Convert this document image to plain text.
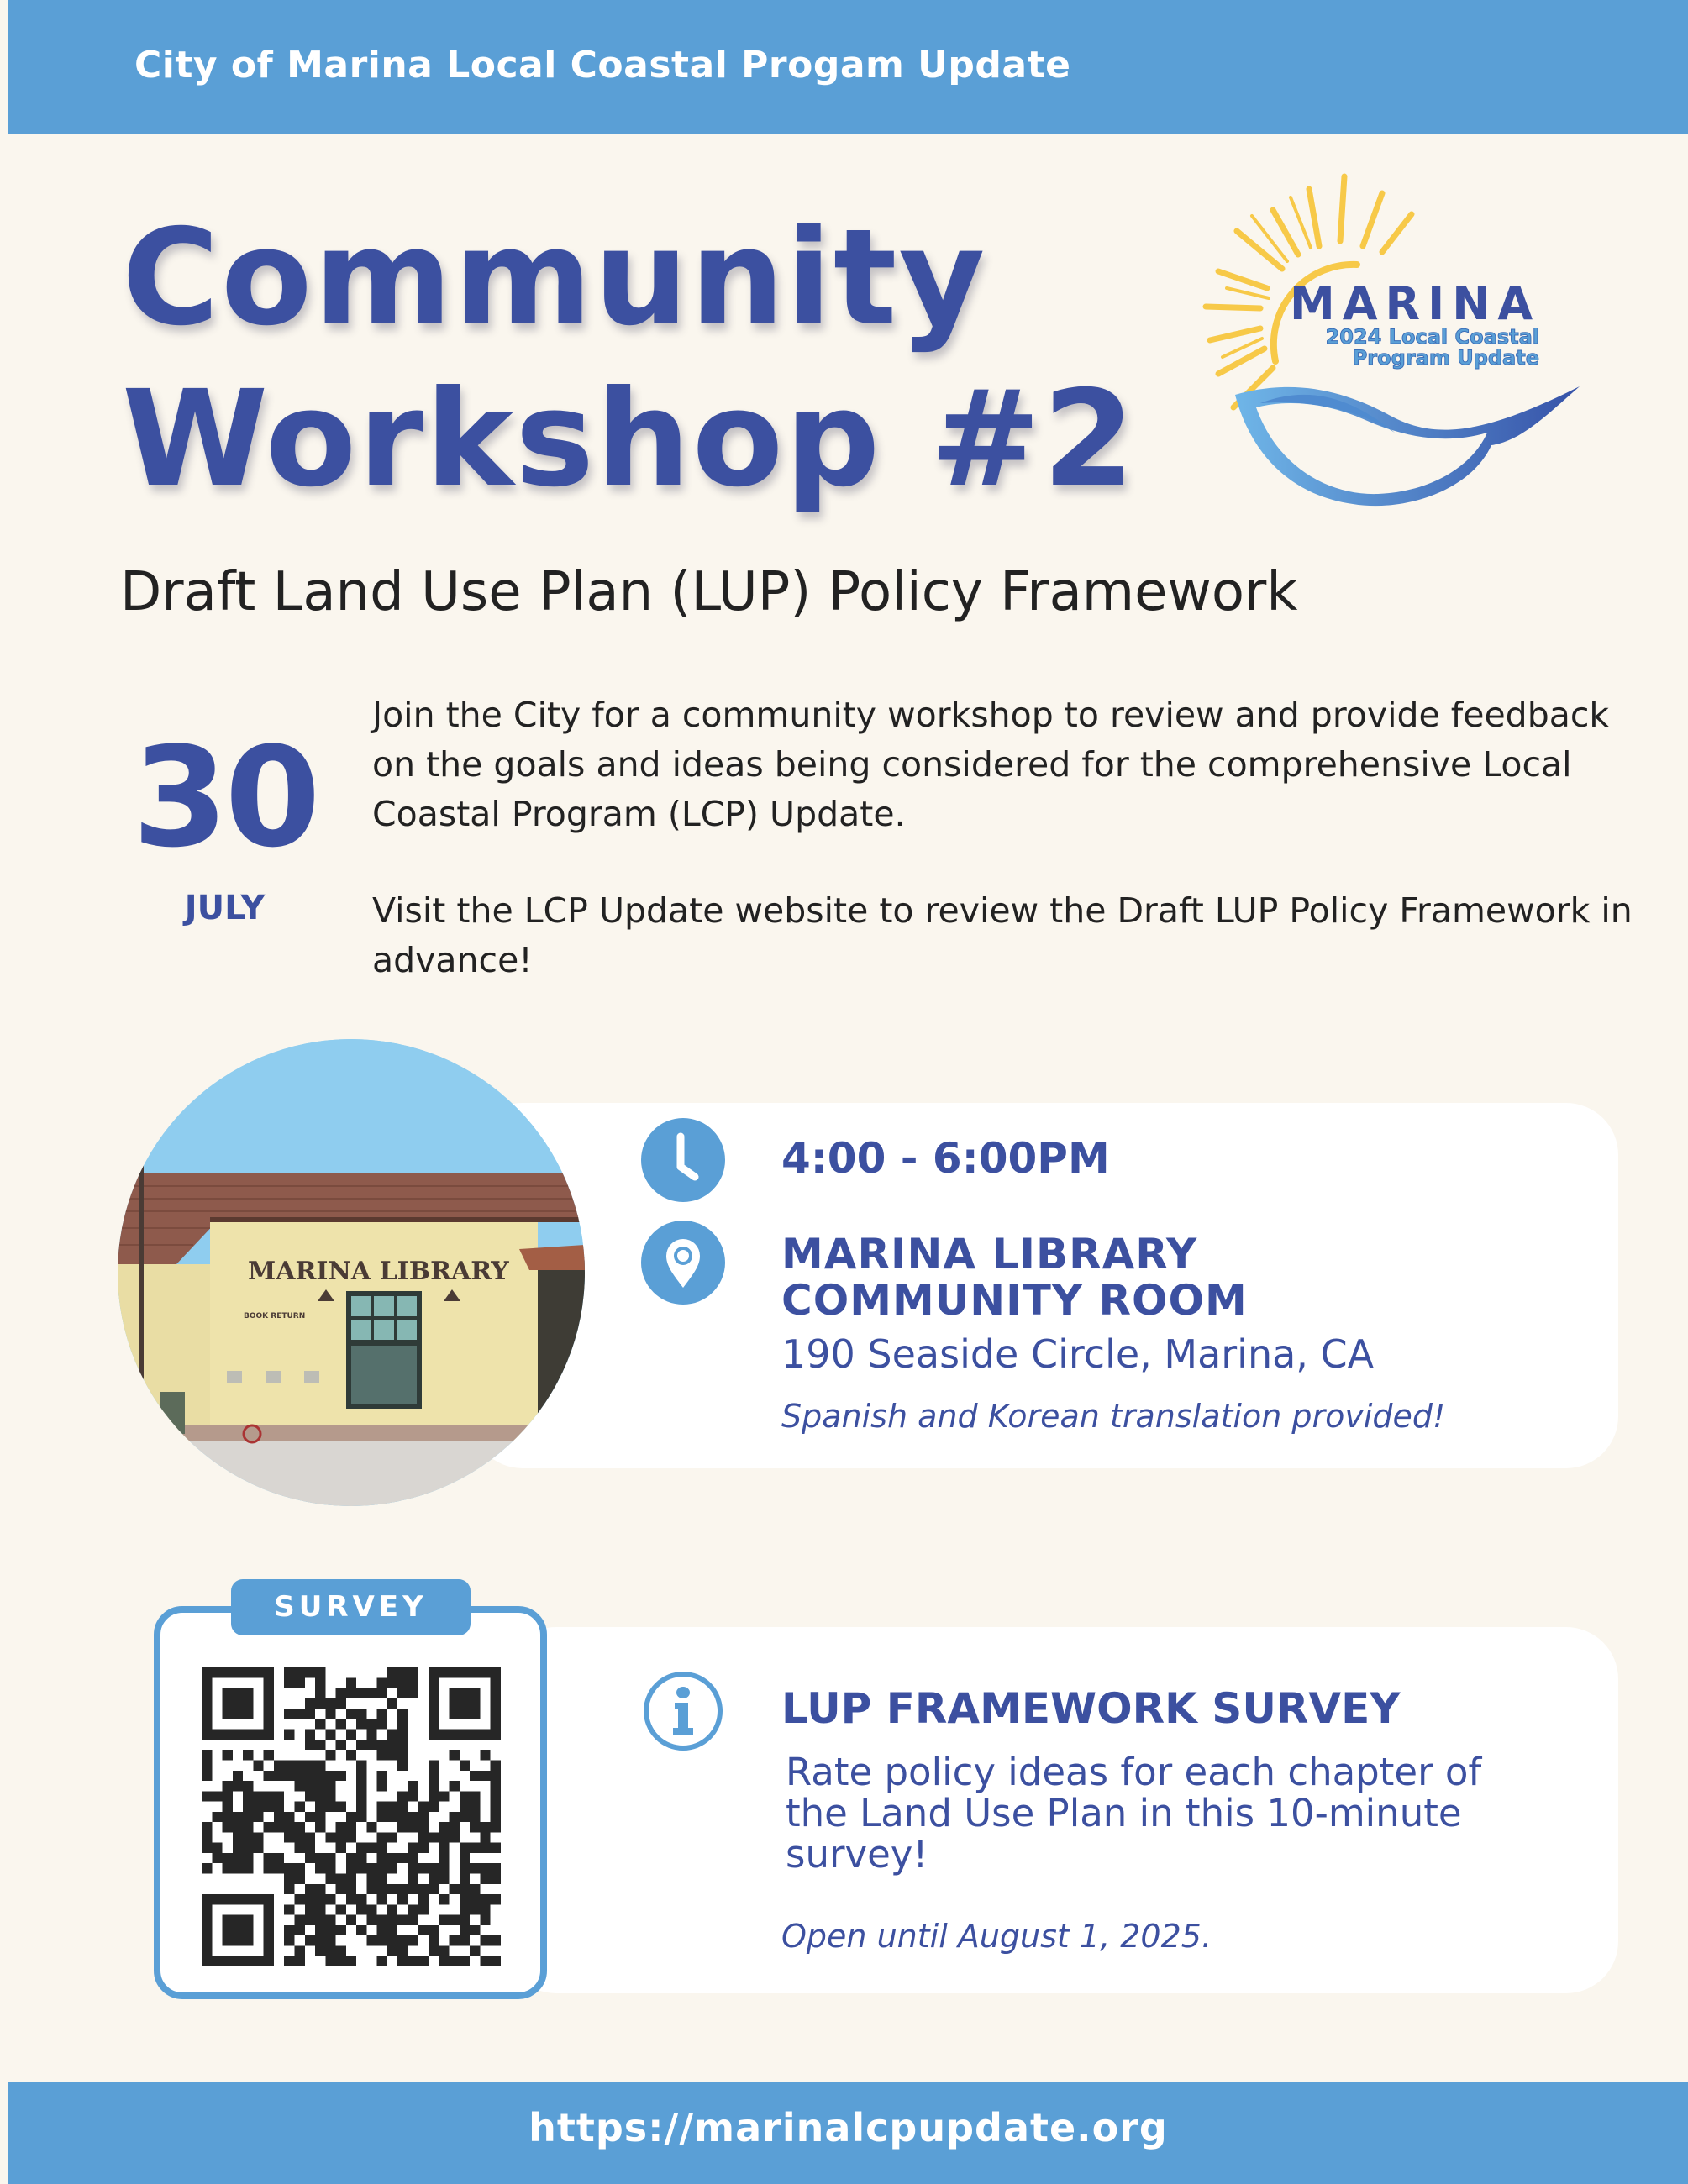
City of Marina Local Coastal Progam Update
Community
Workshop #2
Draft Land Use Plan (LUP) Policy Framework
MARINA
2024 Local Coastal
Program Update
30
JULY

Join the City for a community workshop to review and provide feedback on the goals and ideas being considered for the comprehensive Local Coastal Program (LCP) Update.

Visit the LCP Update website to review the Draft LUP Policy Framework in advance!

MARINA LIBRARY
BOOK RETURN
4:00 - 6:00PM
MARINA LIBRARY
COMMUNITY ROOM
190 Seaside Circle, Marina, CA
Spanish and Korean translation provided!
SURVEY
LUP FRAMEWORK SURVEY
Rate policy ideas for each chapter of the Land Use Plan in this 10-minute survey!
Open until August 1, 2025.
https://marinalcpupdate.org
